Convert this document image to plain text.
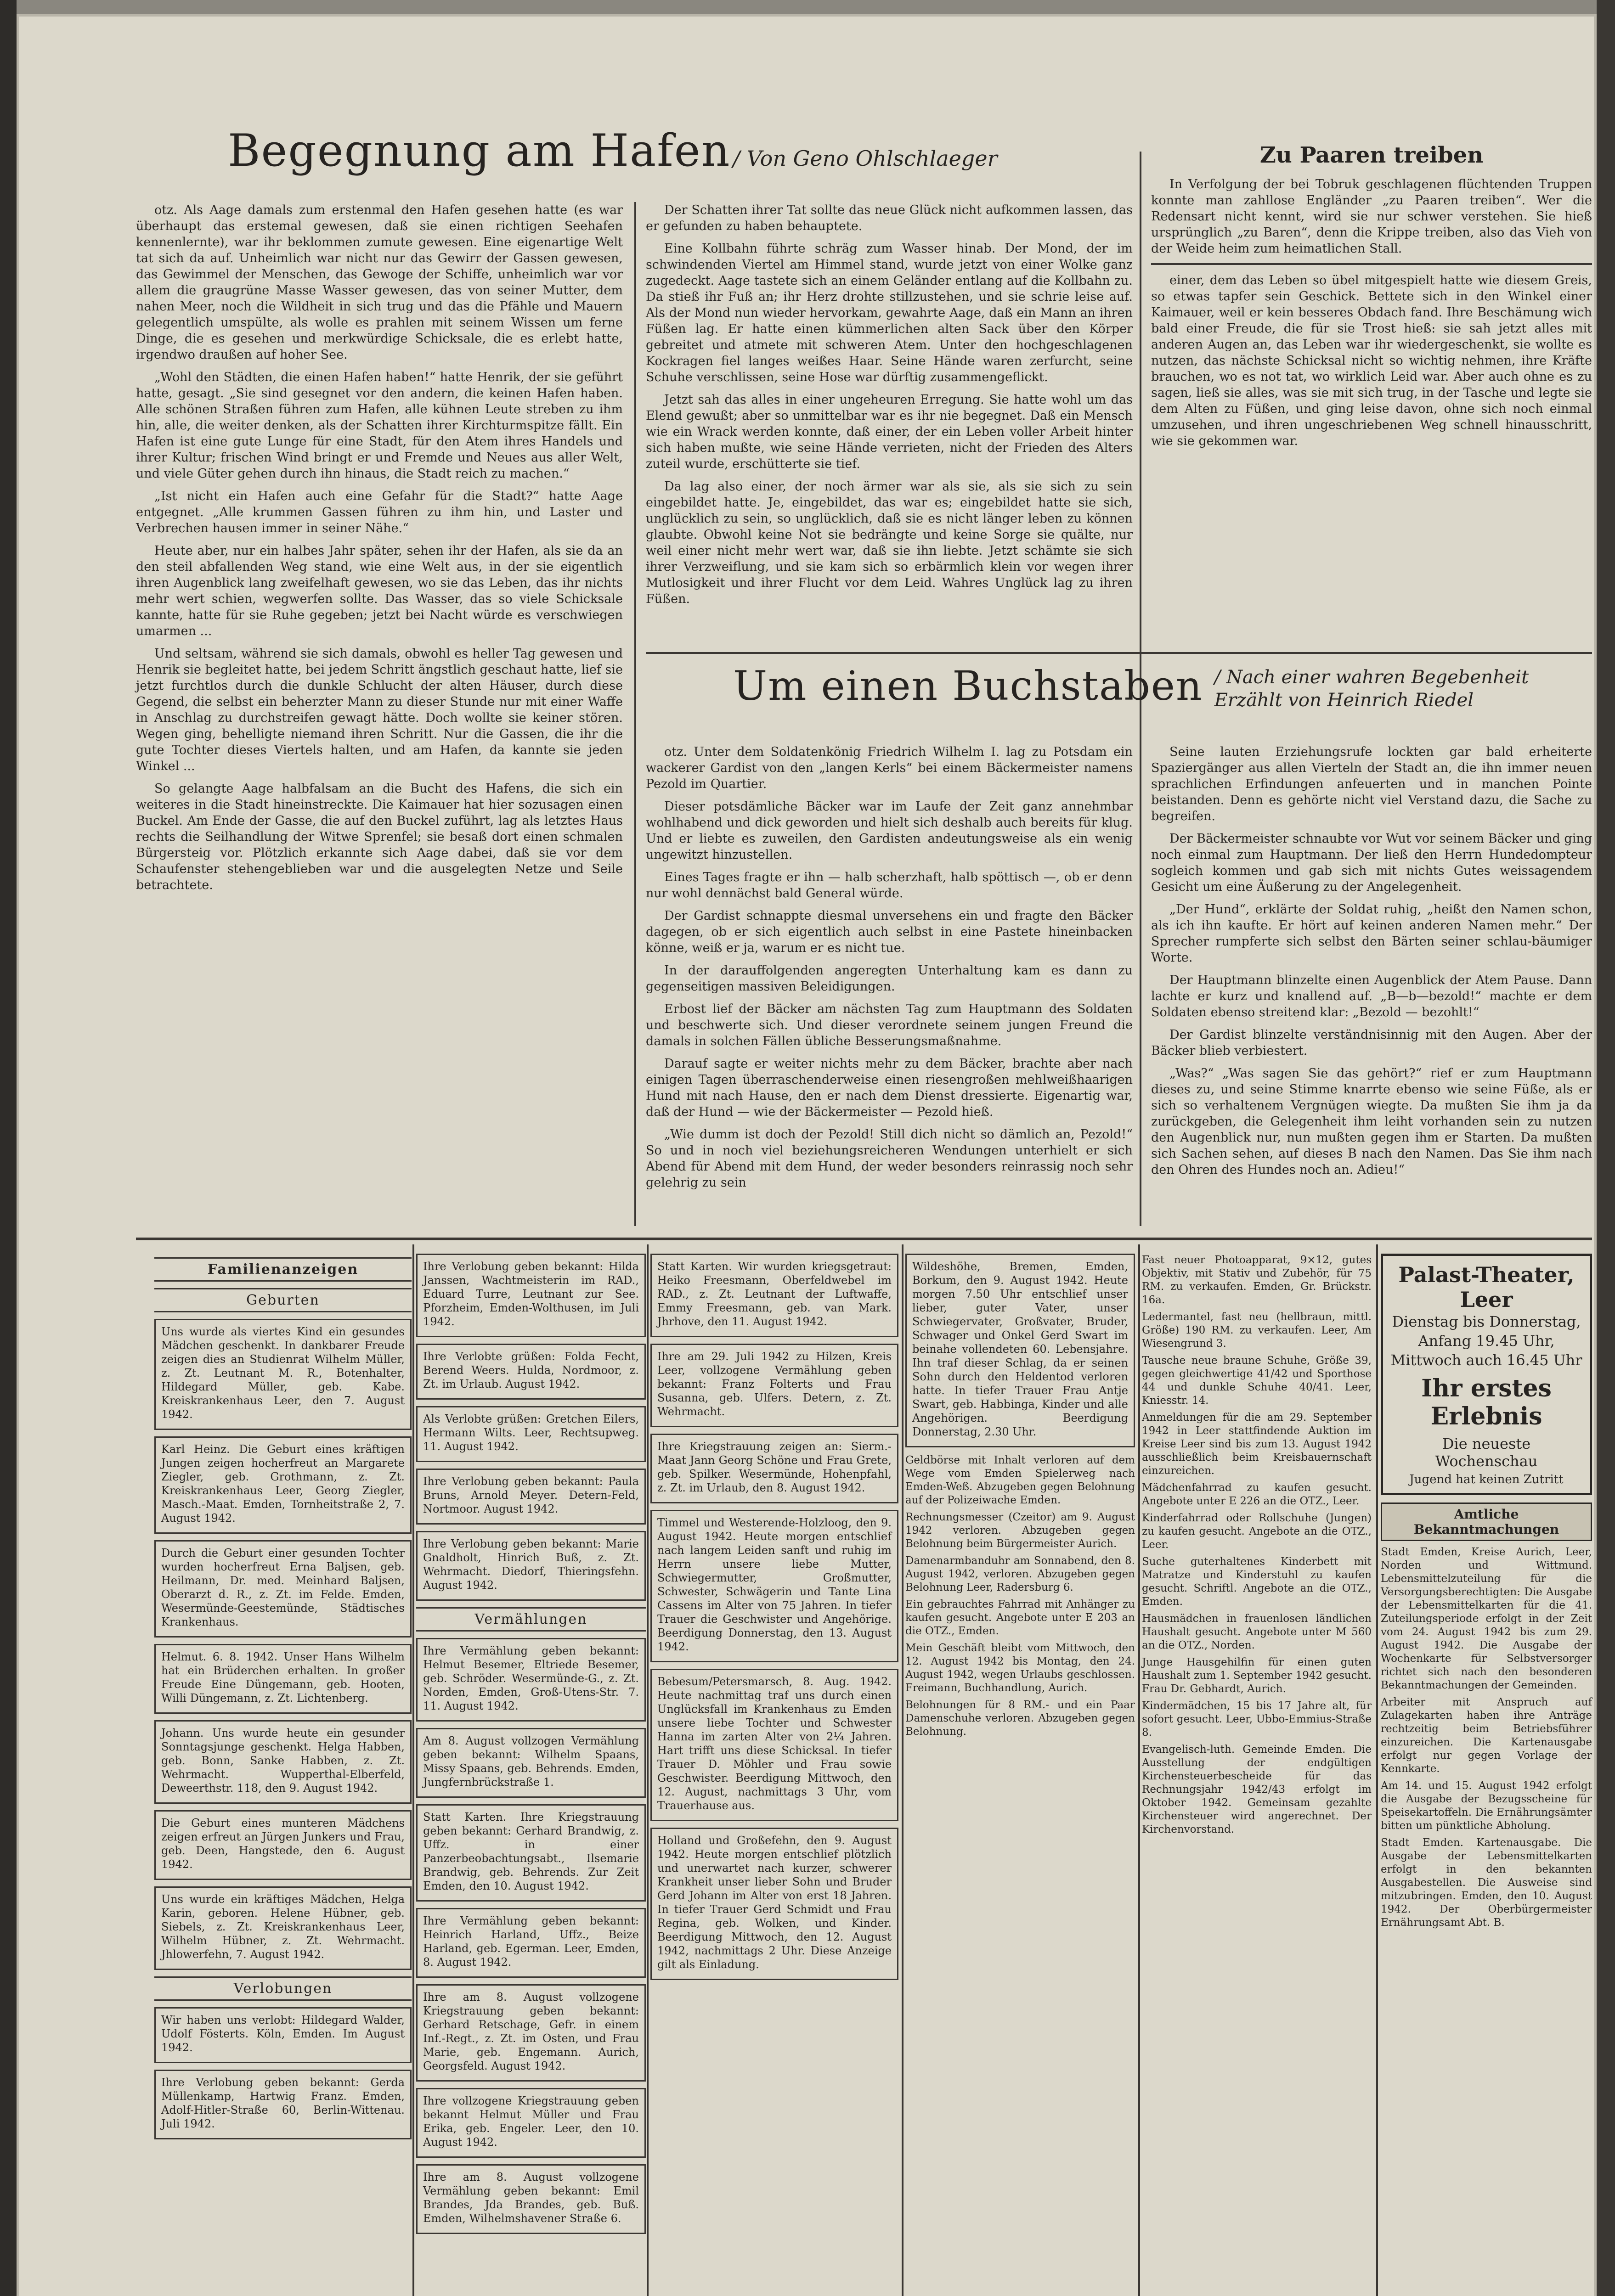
Begegnung am Hafen / Von Geno Ohlschlaeger

otz. Als Aage damals zum erstenmal den Hafen gesehen hatte (es war überhaupt das erstemal gewesen, daß sie einen richtigen Seehafen kennenlernte), war ihr beklommen zumute gewesen. Eine eigenartige Welt tat sich da auf. Unheimlich war nicht nur das Gewirr der Gassen gewesen, das Gewimmel der Menschen, das Gewoge der Schiffe, unheimlich war vor allem die graugrüne Masse Wasser gewesen, das von seiner Mutter, dem nahen Meer, noch die Wildheit in sich trug und das die Pfähle und Mauern gelegentlich umspülte, als wolle es prahlen mit seinem Wissen um ferne Dinge, die es gesehen und merkwürdige Schicksale, die es erlebt hatte, irgendwo draußen auf hoher See.

„Wohl den Städten, die einen Hafen haben!“ hatte Henrik, der sie geführt hatte, gesagt. „Sie sind gesegnet vor den andern, die keinen Hafen haben. Alle schönen Straßen führen zum Hafen, alle kühnen Leute streben zu ihm hin, alle, die weiter denken, als der Schatten ihrer Kirchturmspitze fällt. Ein Hafen ist eine gute Lunge für eine Stadt, für den Atem ihres Handels und ihrer Kultur; frischen Wind bringt er und Fremde und Neues aus aller Welt, und viele Güter gehen durch ihn hinaus, die Stadt reich zu machen.“

„Ist nicht ein Hafen auch eine Gefahr für die Stadt?“ hatte Aage entgegnet. „Alle krummen Gassen führen zu ihm hin, und Laster und Verbrechen hausen immer in seiner Nähe.“

Heute aber, nur ein halbes Jahr später, sehen ihr der Hafen, als sie da an den steil abfallenden Weg stand, wie eine Welt aus, in der sie eigentlich ihren Augenblick lang zweifelhaft gewesen, wo sie das Leben, das ihr nichts mehr wert schien, wegwerfen sollte. Das Wasser, das so viele Schicksale kannte, hatte für sie Ruhe gegeben; jetzt bei Nacht würde es verschwiegen umarmen ...

Und seltsam, während sie sich damals, obwohl es heller Tag gewesen und Henrik sie begleitet hatte, bei jedem Schritt ängstlich geschaut hatte, lief sie jetzt furchtlos durch die dunkle Schlucht der alten Häuser, durch diese Gegend, die selbst ein beherzter Mann zu dieser Stunde nur mit einer Waffe in Anschlag zu durchstreifen gewagt hätte. Doch wollte sie keiner stören. Wegen ging, behelligte niemand ihren Schritt. Nur die Gassen, die ihr die gute Tochter dieses Viertels halten, und am Hafen, da kannte sie jeden Winkel ...

So gelangte Aage halbfalsam an die Bucht des Hafens, die sich ein weiteres in die Stadt hineinstreckte. Die Kaimauer hat hier sozusagen einen Buckel. Am Ende der Gasse, die auf den Buckel zuführt, lag als letztes Haus rechts die Seilhandlung der Witwe Sprenfel; sie besaß dort einen schmalen Bürgersteig vor. Plötzlich erkannte sich Aage dabei, daß sie vor dem Schaufenster stehengeblieben war und die ausgelegten Netze und Seile betrachtete.

Der Schatten ihrer Tat sollte das neue Glück nicht aufkommen lassen, das er gefunden zu haben behauptete.

Eine Kollbahn führte schräg zum Wasser hinab. Der Mond, der im schwindenden Viertel am Himmel stand, wurde jetzt von einer Wolke ganz zugedeckt. Aage tastete sich an einem Geländer entlang auf die Kollbahn zu. Da stieß ihr Fuß an; ihr Herz drohte stillzustehen, und sie schrie leise auf. Als der Mond nun wieder hervorkam, gewahrte Aage, daß ein Mann an ihren Füßen lag. Er hatte einen kümmerlichen alten Sack über den Körper gebreitet und atmete mit schweren Atem. Unter den hochgeschlagenen Kockragen fiel langes weißes Haar. Seine Hände waren zerfurcht, seine Schuhe verschlissen, seine Hose war dürftig zusammengeflickt.

Jetzt sah das alles in einer ungeheuren Erregung. Sie hatte wohl um das Elend gewußt; aber so unmittelbar war es ihr nie begegnet. Daß ein Mensch wie ein Wrack werden konnte, daß einer, der ein Leben voller Arbeit hinter sich haben mußte, wie seine Hände verrieten, nicht der Frieden des Alters zuteil wurde, erschütterte sie tief.

Da lag also einer, der noch ärmer war als sie, als sie sich zu sein eingebildet hatte. Je, eingebildet, das war es; eingebildet hatte sie sich, unglücklich zu sein, so unglücklich, daß sie es nicht länger leben zu können glaubte. Obwohl keine Not sie bedrängte und keine Sorge sie quälte, nur weil einer nicht mehr wert war, daß sie ihn liebte. Jetzt schämte sie sich ihrer Verzweiflung, und sie kam sich so erbärmlich klein vor wegen ihrer Mutlosigkeit und ihrer Flucht vor dem Leid. Wahres Unglück lag zu ihren Füßen.

Zu Paaren treiben

In Verfolgung der bei Tobruk geschlagenen flüchtenden Truppen konnte man zahllose Engländer „zu Paaren treiben“. Wer die Redensart nicht kennt, wird sie nur schwer verstehen. Sie hieß ursprünglich „zu Baren“, denn die Krippe treiben, also das Vieh von der Weide heim zum heimatlichen Stall.

einer, dem das Leben so übel mitgespielt hatte wie diesem Greis, so etwas tapfer sein Geschick. Bettete sich in den Winkel einer Kaimauer, weil er kein besseres Obdach fand. Ihre Beschämung wich bald einer Freude, die für sie Trost hieß: sie sah jetzt alles mit anderen Augen an, das Leben war ihr wiedergeschenkt, sie wollte es nutzen, das nächste Schicksal nicht so wichtig nehmen, ihre Kräfte brauchen, wo es not tat, wo wirklich Leid war. Aber auch ohne es zu sagen, ließ sie alles, was sie mit sich trug, in der Tasche und legte sie dem Alten zu Füßen, und ging leise davon, ohne sich noch einmal umzusehen, und ihren ungeschriebenen Weg schnell hinausschritt, wie sie gekommen war.

Um einen Buchstaben / Nach einer wahren Begebenheit
Erzählt von Heinrich Riedel

otz. Unter dem Soldatenkönig Friedrich Wilhelm I. lag zu Potsdam ein wackerer Gardist von den „langen Kerls“ bei einem Bäckermeister namens Pezold im Quartier.

Dieser potsdämliche Bäcker war im Laufe der Zeit ganz annehmbar wohlhabend und dick geworden und hielt sich deshalb auch bereits für klug. Und er liebte es zuweilen, den Gardisten andeutungsweise als ein wenig ungewitzt hinzustellen.

Eines Tages fragte er ihn — halb scherzhaft, halb spöttisch —, ob er denn nur wohl dennächst bald General würde.

Der Gardist schnappte diesmal unversehens ein und fragte den Bäcker dagegen, ob er sich eigentlich auch selbst in eine Pastete hineinbacken könne, weiß er ja, warum er es nicht tue.

In der darauffolgenden angeregten Unterhaltung kam es dann zu gegenseitigen massiven Beleidigungen.

Erbost lief der Bäcker am nächsten Tag zum Hauptmann des Soldaten und beschwerte sich. Und dieser verordnete seinem jungen Freund die damals in solchen Fällen übliche Besserungsmaßnahme.

Darauf sagte er weiter nichts mehr zu dem Bäcker, brachte aber nach einigen Tagen überraschenderweise einen riesengroßen mehlweißhaarigen Hund mit nach Hause, den er nach dem Dienst dressierte. Eigenartig war, daß der Hund — wie der Bäckermeister — Pezold hieß.

„Wie dumm ist doch der Pezold! Still dich nicht so dämlich an, Pezold!“ So und in noch viel beziehungsreicheren Wendungen unterhielt er sich Abend für Abend mit dem Hund, der weder besonders reinrassig noch sehr gelehrig zu sein

Seine lauten Erziehungsrufe lockten gar bald erheiterte Spaziergänger aus allen Vierteln der Stadt an, die ihn immer neuen sprachlichen Erfindungen anfeuerten und in manchen Pointe beistanden. Denn es gehörte nicht viel Verstand dazu, die Sache zu begreifen.

Der Bäckermeister schnaubte vor Wut vor seinem Bäcker und ging noch einmal zum Hauptmann. Der ließ den Herrn Hundedompteur sogleich kommen und gab sich mit nichts Gutes weissagendem Gesicht um eine Äußerung zu der Angelegenheit.

„Der Hund“, erklärte der Soldat ruhig, „heißt den Namen schon, als ich ihn kaufte. Er hört auf keinen anderen Namen mehr.“ Der Sprecher rumpferte sich selbst den Bärten seiner schlau-bäumiger Worte.

Der Hauptmann blinzelte einen Augenblick der Atem Pause. Dann lachte er kurz und knallend auf. „B—b—bezold!“ machte er dem Soldaten ebenso streitend klar: „Bezold — bezohlt!“

Der Gardist blinzelte verständnisinnig mit den Augen. Aber der Bäcker blieb verbiestert.

„Was?“ „Was sagen Sie das gehört?“ rief er zum Hauptmann dieses zu, und seine Stimme knarrte ebenso wie seine Füße, als er sich so verhaltenem Vergnügen wiegte. Da mußten Sie ihm ja da zurückgeben, die Gelegenheit ihm leiht vorhanden sein zu nutzen den Augenblick nur, nun mußten gegen ihm er Starten. Da mußten sich Sachen sehen, auf dieses B nach den Namen. Das Sie ihm nach den Ohren des Hundes noch an. Adieu!“

Familienanzeigen
Geburten

Uns wurde als viertes Kind ein gesundes Mädchen geschenkt. In dankbarer Freude zeigen dies an Studienrat Wilhelm Müller, z. Zt. Leutnant M. R., Botenhalter, Hildegard Müller, geb. Kabe. Kreiskrankenhaus Leer, den 7. August 1942.

Karl Heinz. Die Geburt eines kräftigen Jungen zeigen hocherfreut an Margarete Ziegler, geb. Grothmann, z. Zt. Kreiskrankenhaus Leer, Georg Ziegler, Masch.-Maat. Emden, Tornheitstraße 2, 7. August 1942.

Durch die Geburt einer gesunden Tochter wurden hocherfreut Erna Baljsen, geb. Heilmann, Dr. med. Meinhard Baljsen, Oberarzt d. R., z. Zt. im Felde. Emden, Wesermünde-Geestemünde, Städtisches Krankenhaus.

Helmut. 6. 8. 1942. Unser Hans Wilhelm hat ein Brüderchen erhalten. In großer Freude Eine Düngemann, geb. Hooten, Willi Düngemann, z. Zt. Lichtenberg.

Johann. Uns wurde heute ein gesunder Sonntagsjunge geschenkt. Helga Habben, geb. Bonn, Sanke Habben, z. Zt. Wehrmacht. Wupperthal-Elberfeld, Deweerthstr. 118, den 9. August 1942.

Die Geburt eines munteren Mädchens zeigen erfreut an Jürgen Junkers und Frau, geb. Deen, Hangstede, den 6. August 1942.

Uns wurde ein kräftiges Mädchen, Helga Karin, geboren. Helene Hübner, geb. Siebels, z. Zt. Kreiskrankenhaus Leer, Wilhelm Hübner, z. Zt. Wehrmacht. Jhlowerfehn, 7. August 1942.

Verlobungen

Wir haben uns verlobt: Hildegard Walder, Udolf Fösterts. Köln, Emden. Im August 1942.

Ihre Verlobung geben bekannt: Gerda Müllenkamp, Hartwig Franz. Emden, Adolf-Hitler-Straße 60, Berlin-Wittenau. Juli 1942.

Ihre Verlobung geben bekannt: Hilda Janssen, Wachtmeisterin im RAD., Eduard Turre, Leutnant zur See. Pforzheim, Emden-Wolthusen, im Juli 1942.

Ihre Verlobte grüßen: Folda Fecht, Berend Weers. Hulda, Nordmoor, z. Zt. im Urlaub. August 1942.

Als Verlobte grüßen: Gretchen Eilers, Hermann Wilts. Leer, Rechtsupweg. 11. August 1942.

Ihre Verlobung geben bekannt: Paula Bruns, Arnold Meyer. Detern-Feld, Nortmoor. August 1942.

Ihre Verlobung geben bekannt: Marie Gnaldholt, Hinrich Buß, z. Zt. Wehrmacht. Diedorf, Thieringsfehn. August 1942.

Vermählungen

Ihre Vermählung geben bekannt: Helmut Besemer, Eltriede Besemer, geb. Schröder. Wesermünde-G., z. Zt. Norden, Emden, Groß-Utens-Str. 7. 11. August 1942.

Am 8. August vollzogen Vermählung geben bekannt: Wilhelm Spaans, Missy Spaans, geb. Behrends. Emden, Jungfernbrückstraße 1.

Statt Karten. Ihre Kriegstrauung geben bekannt: Gerhard Brandwig, z. Uffz. in einer Panzerbeobachtungsabt., Ilsemarie Brandwig, geb. Behrends. Zur Zeit Emden, den 10. August 1942.

Ihre Vermählung geben bekannt: Heinrich Harland, Uffz., Beize Harland, geb. Egerman. Leer, Emden, 8. August 1942.

Ihre am 8. August vollzogene Kriegstrauung geben bekannt: Gerhard Retschage, Gefr. in einem Inf.-Regt., z. Zt. im Osten, und Frau Marie, geb. Engemann. Aurich, Georgsfeld. August 1942.

Ihre vollzogene Kriegstrauung geben bekannt Helmut Müller und Frau Erika, geb. Engeler. Leer, den 10. August 1942.

Ihre am 8. August vollzogene Vermählung geben bekannt: Emil Brandes, Jda Brandes, geb. Buß. Emden, Wilhelmshavener Straße 6.

Statt Karten. Wir wurden kriegsgetraut: Heiko Freesmann, Oberfeldwebel im RAD., z. Zt. Leutnant der Luftwaffe, Emmy Freesmann, geb. van Mark. Jhrhove, den 11. August 1942.

Ihre am 29. Juli 1942 zu Hilzen, Kreis Leer, vollzogene Vermählung geben bekannt: Franz Folterts und Frau Susanna, geb. Ulfers. Detern, z. Zt. Wehrmacht.

Ihre Kriegstrauung zeigen an: Sierm.-Maat Jann Georg Schöne und Frau Grete, geb. Spilker. Wesermünde, Hohenpfahl, z. Zt. im Urlaub, den 8. August 1942.

Timmel und Westerende-Holzloog, den 9. August 1942. Heute morgen entschlief nach langem Leiden sanft und ruhig im Herrn unsere liebe Mutter, Schwiegermutter, Großmutter, Schwester, Schwägerin und Tante Lina Cassens im Alter von 75 Jahren. In tiefer Trauer die Geschwister und Angehörige. Beerdigung Donnerstag, den 13. August 1942.

Bebesum/Petersmarsch, 8. Aug. 1942. Heute nachmittag traf uns durch einen Unglücksfall im Krankenhaus zu Emden unsere liebe Tochter und Schwester Hanna im zarten Alter von 2¼ Jahren. Hart trifft uns diese Schicksal. In tiefer Trauer D. Möhler und Frau sowie Geschwister. Beerdigung Mittwoch, den 12. August, nachmittags 3 Uhr, vom Trauerhause aus.

Holland und Großefehn, den 9. August 1942. Heute morgen entschlief plötzlich und unerwartet nach kurzer, schwerer Krankheit unser lieber Sohn und Bruder Gerd Johann im Alter von erst 18 Jahren. In tiefer Trauer Gerd Schmidt und Frau Regina, geb. Wolken, und Kinder. Beerdigung Mittwoch, den 12. August 1942, nachmittags 2 Uhr. Diese Anzeige gilt als Einladung.

Wildeshöhe, Bremen, Emden, Borkum, den 9. August 1942. Heute morgen 7.50 Uhr entschlief unser lieber, guter Vater, unser Schwiegervater, Großvater, Bruder, Schwager und Onkel Gerd Swart im beinahe vollendeten 60. Lebensjahre. Ihn traf dieser Schlag, da er seinen Sohn durch den Heldentod verloren hatte. In tiefer Trauer Frau Antje Swart, geb. Habbinga, Kinder und alle Angehörigen. Beerdigung Donnerstag, 2.30 Uhr.

Geldbörse mit Inhalt verloren auf dem Wege vom Emden Spielerweg nach Emden-Weß. Abzugeben gegen Belohnung auf der Polizeiwache Emden.

Rechnungsmesser (Czeitor) am 9. August 1942 verloren. Abzugeben gegen Belohnung beim Bürgermeister Aurich.

Damenarmbanduhr am Sonnabend, den 8. August 1942, verloren. Abzugeben gegen Belohnung Leer, Radersburg 6.

Ein gebrauchtes Fahrrad mit Anhänger zu kaufen gesucht. Angebote unter E 203 an die OTZ., Emden.

Mein Geschäft bleibt vom Mittwoch, den 12. August 1942 bis Montag, den 24. August 1942, wegen Urlaubs geschlossen. Freimann, Buchhandlung, Aurich.

Belohnungen für 8 RM.- und ein Paar Damenschuhe verloren. Abzugeben gegen Belohnung.

Fast neuer Photoapparat, 9×12, gutes Objektiv, mit Stativ und Zubehör, für 75 RM. zu verkaufen. Emden, Gr. Brückstr. 16a.

Ledermantel, fast neu (hellbraun, mittl. Größe) 190 RM. zu verkaufen. Leer, Am Wiesengrund 3.

Tausche neue braune Schuhe, Größe 39, gegen gleichwertige 41/42 und Sporthose 44 und dunkle Schuhe 40/41. Leer, Kniesstr. 14.

Anmeldungen für die am 29. September 1942 in Leer stattfindende Auktion im Kreise Leer sind bis zum 13. August 1942 ausschließlich beim Kreisbauernschaft einzureichen.

Mädchenfahrrad zu kaufen gesucht. Angebote unter E 226 an die OTZ., Leer.

Kinderfahrrad oder Rollschuhe (Jungen) zu kaufen gesucht. Angebote an die OTZ., Leer.

Suche guterhaltenes Kinderbett mit Matratze und Kinderstuhl zu kaufen gesucht. Schriftl. Angebote an die OTZ., Emden.

Hausmädchen in frauenlosen ländlichen Haushalt gesucht. Angebote unter M 560 an die OTZ., Norden.

Junge Hausgehilfin für einen guten Haushalt zum 1. September 1942 gesucht. Frau Dr. Gebhardt, Aurich.

Kindermädchen, 15 bis 17 Jahre alt, für sofort gesucht. Leer, Ubbo-Emmius-Straße 8.

Evangelisch-luth. Gemeinde Emden. Die Ausstellung der endgültigen Kirchensteuerbescheide für das Rechnungsjahr 1942/43 erfolgt im Oktober 1942. Gemeinsam gezahlte Kirchensteuer wird angerechnet. Der Kirchenvorstand.

Palast-Theater, Leer
Dienstag bis Donnerstag, Anfang 19.45 Uhr, Mittwoch auch 16.45 Uhr
Ihr erstes Erlebnis
Die neueste Wochenschau
Jugend hat keinen Zutritt
Amtliche Bekanntmachungen

Stadt Emden, Kreise Aurich, Leer, Norden und Wittmund. Lebensmittelzuteilung für die Versorgungsberechtigten: Die Ausgabe der Lebensmittelkarten für die 41. Zuteilungsperiode erfolgt in der Zeit vom 24. August 1942 bis zum 29. August 1942. Die Ausgabe der Wochenkarte für Selbstversorger richtet sich nach den besonderen Bekanntmachungen der Gemeinden.

Arbeiter mit Anspruch auf Zulagekarten haben ihre Anträge rechtzeitig beim Betriebsführer einzureichen. Die Kartenausgabe erfolgt nur gegen Vorlage der Kennkarte.

Am 14. und 15. August 1942 erfolgt die Ausgabe der Bezugsscheine für Speisekartoffeln. Die Ernährungsämter bitten um pünktliche Abholung.

Stadt Emden. Kartenausgabe. Die Ausgabe der Lebensmittelkarten erfolgt in den bekannten Ausgabestellen. Die Ausweise sind mitzubringen. Emden, den 10. August 1942. Der Oberbürgermeister Ernährungsamt Abt. B.
